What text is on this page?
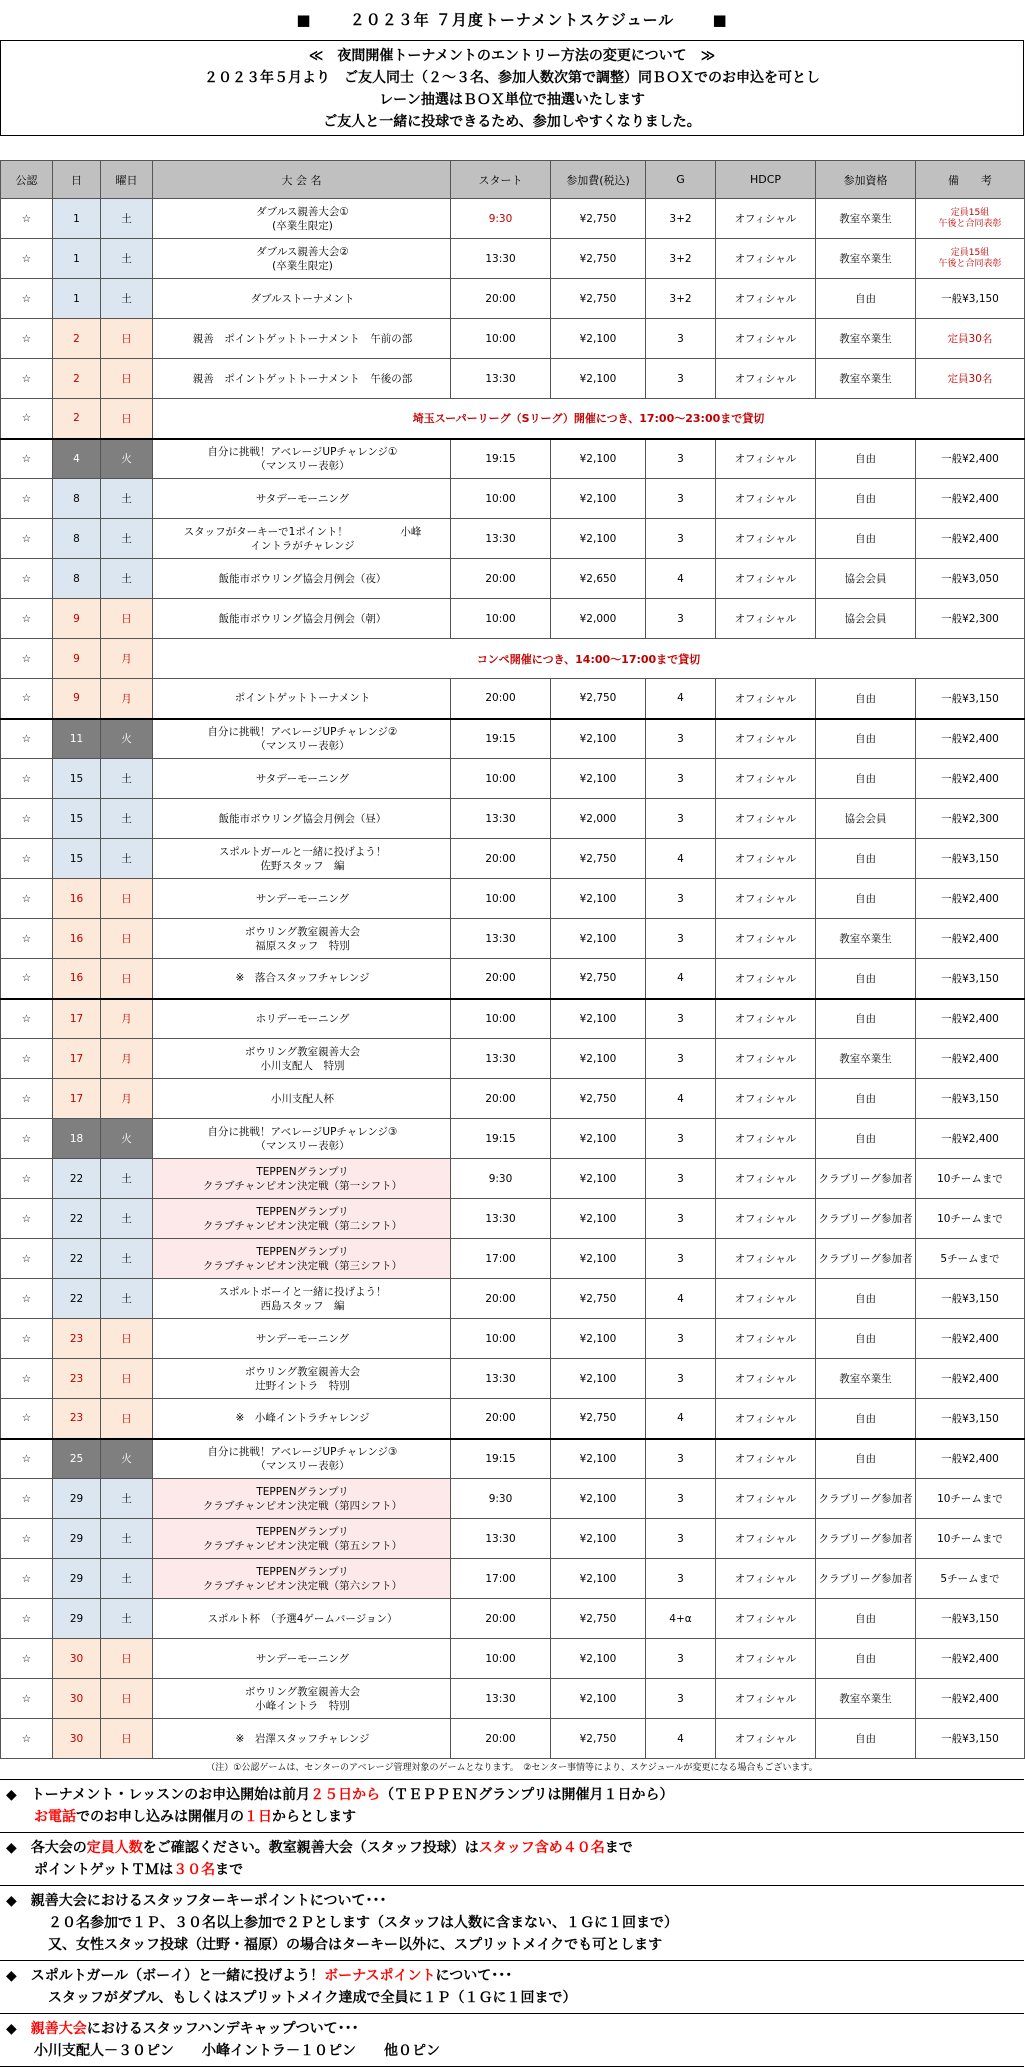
■　　 ２０２３年 ７月度トーナメントスケジュール 　　■
≪　夜間開催トーナメントのエントリー方法の変更について　≫
２０２３年５月より　ご友人同士（２～３名、参加人数次第で調整）同ＢＯＸでのお申込を可とし
レーン抽選はＢＯＸ単位で抽選いたします
ご友人と一緒に投球できるため、参加しやすくなりました。
公認	日	曜日	大 会 名	スタート	参加費(税込)	G	HDCP	参加資格	備　　考
☆	1	土	ダブルス親善大会①
(卒業生限定)	9:30	¥2,750	3+2	オフィシャル	教室卒業生	定員15組
午後と合同表彰
☆	1	土	ダブルス親善大会②
(卒業生限定)	13:30	¥2,750	3+2	オフィシャル	教室卒業生	定員15組
午後と合同表彰
☆	1	土	ダブルストーナメント	20:00	¥2,750	3+2	オフィシャル	自由	一般¥3,150
☆	2	日	親善　ポイントゲットトーナメント　午前の部	10:00	¥2,100	3	オフィシャル	教室卒業生	定員30名
☆	2	日	親善　ポイントゲットトーナメント　午後の部	13:30	¥2,100	3	オフィシャル	教室卒業生	定員30名
☆	2	日	埼玉スーパーリーグ（Sリーグ）開催につき、17:00～23:00まで貸切						
☆	4	火	自分に挑戦！アベレージUPチャレンジ①
（マンスリー表彰）	19:15	¥2,100	3	オフィシャル	自由	一般¥2,400
☆	8	土	サタデーモーニング	10:00	¥2,100	3	オフィシャル	自由	一般¥2,400
☆	8	土	スタッフがターキーで1ポイント！　　　　　小峰
イントラがチャレンジ	13:30	¥2,100	3	オフィシャル	自由	一般¥2,400
☆	8	土	飯能市ボウリング協会月例会（夜）	20:00	¥2,650	4	オフィシャル	協会会員	一般¥3,050
☆	9	日	飯能市ボウリング協会月例会（朝）	10:00	¥2,000	3	オフィシャル	協会会員	一般¥2,300
☆	9	月	コンペ開催につき、14:00～17:00まで貸切						
☆	9	月	ポイントゲットトーナメント	20:00	¥2,750	4	オフィシャル	自由	一般¥3,150
☆	11	火	自分に挑戦！アベレージUPチャレンジ②
（マンスリー表彰）	19:15	¥2,100	3	オフィシャル	自由	一般¥2,400
☆	15	土	サタデーモーニング	10:00	¥2,100	3	オフィシャル	自由	一般¥2,400
☆	15	土	飯能市ボウリング協会月例会（昼）	13:30	¥2,000	3	オフィシャル	協会会員	一般¥2,300
☆	15	土	スポルトガールと一緒に投げよう！
佐野スタッフ　編	20:00	¥2,750	4	オフィシャル	自由	一般¥3,150
☆	16	日	サンデーモーニング	10:00	¥2,100	3	オフィシャル	自由	一般¥2,400
☆	16	日	ボウリング教室親善大会
福原スタッフ　特別	13:30	¥2,100	3	オフィシャル	教室卒業生	一般¥2,400
☆	16	日	※　落合スタッフチャレンジ	20:00	¥2,750	4	オフィシャル	自由	一般¥3,150
☆	17	月	ホリデーモーニング	10:00	¥2,100	3	オフィシャル	自由	一般¥2,400
☆	17	月	ボウリング教室親善大会
小川支配人　特別	13:30	¥2,100	3	オフィシャル	教室卒業生	一般¥2,400
☆	17	月	小川支配人杯	20:00	¥2,750	4	オフィシャル	自由	一般¥3,150
☆	18	火	自分に挑戦！アベレージUPチャレンジ③
（マンスリー表彰）	19:15	¥2,100	3	オフィシャル	自由	一般¥2,400
☆	22	土	TEPPENグランプリ
クラブチャンピオン決定戦（第一シフト）	9:30	¥2,100	3	オフィシャル	クラブリーグ参加者	10チームまで
☆	22	土	TEPPENグランプリ
クラブチャンピオン決定戦（第二シフト）	13:30	¥2,100	3	オフィシャル	クラブリーグ参加者	10チームまで
☆	22	土	TEPPENグランプリ
クラブチャンピオン決定戦（第三シフト）	17:00	¥2,100	3	オフィシャル	クラブリーグ参加者	5チームまで
☆	22	土	スポルトボーイと一緒に投げよう！
西島スタッフ　編	20:00	¥2,750	4	オフィシャル	自由	一般¥3,150
☆	23	日	サンデーモーニング	10:00	¥2,100	3	オフィシャル	自由	一般¥2,400
☆	23	日	ボウリング教室親善大会
辻野イントラ　特別	13:30	¥2,100	3	オフィシャル	教室卒業生	一般¥2,400
☆	23	日	※　小峰イントラチャレンジ	20:00	¥2,750	4	オフィシャル	自由	一般¥3,150
☆	25	火	自分に挑戦！アベレージUPチャレンジ③
（マンスリー表彰）	19:15	¥2,100	3	オフィシャル	自由	一般¥2,400
☆	29	土	TEPPENグランプリ
クラブチャンピオン決定戦（第四シフト）	9:30	¥2,100	3	オフィシャル	クラブリーグ参加者	10チームまで
☆	29	土	TEPPENグランプリ
クラブチャンピオン決定戦（第五シフト）	13:30	¥2,100	3	オフィシャル	クラブリーグ参加者	10チームまで
☆	29	土	TEPPENグランプリ
クラブチャンピオン決定戦（第六シフト）	17:00	¥2,100	3	オフィシャル	クラブリーグ参加者	5チームまで
☆	29	土	スポルト杯　（予選4ゲームバージョン）	20:00	¥2,750	4+α	オフィシャル	自由	一般¥3,150
☆	30	日	サンデーモーニング	10:00	¥2,100	3	オフィシャル	自由	一般¥2,400
☆	30	日	ボウリング教室親善大会
小峰イントラ　特別	13:30	¥2,100	3	オフィシャル	教室卒業生	一般¥2,400
☆	30	日	※　岩澤スタッフチャレンジ	20:00	¥2,750	4	オフィシャル	自由	一般¥3,150
（注）①公認ゲームは、センターのアベレージ管理対象のゲームとなります。　②センター事情等により、スケジュールが変更になる場合もございます。
◆　トーナメント・レッスンのお申込開始は前月２５日から（ＴＥＰＰＥＮグランプリは開催月１日から）
　　お電話でのお申し込みは開催月の１日からとします
◆　各大会の定員人数をご確認ください。教室親善大会（スタッフ投球）はスタッフ含め４０名まで
　　ポイントゲットＴＭは３０名まで
◆　親善大会におけるスタッフターキーポイントについて･･･
　　　２０名参加で１Ｐ、３０名以上参加で２Ｐとします（スタッフは人数に含まない、１Ｇに１回まで）
　　　又、女性スタッフ投球（辻野・福原）の場合はターキー以外に、スプリットメイクでも可とします
◆　スポルトガール（ボーイ）と一緒に投げよう！ボーナスポイントについて･･･
　　　スタッフがダブル、もしくはスプリットメイク達成で全員に１Ｐ（１Ｇに１回まで）
◆　親善大会におけるスタッフハンデキャップついて･･･
　　小川支配人－３０ピン　　小峰イントラ－１０ピン　　他０ピン
